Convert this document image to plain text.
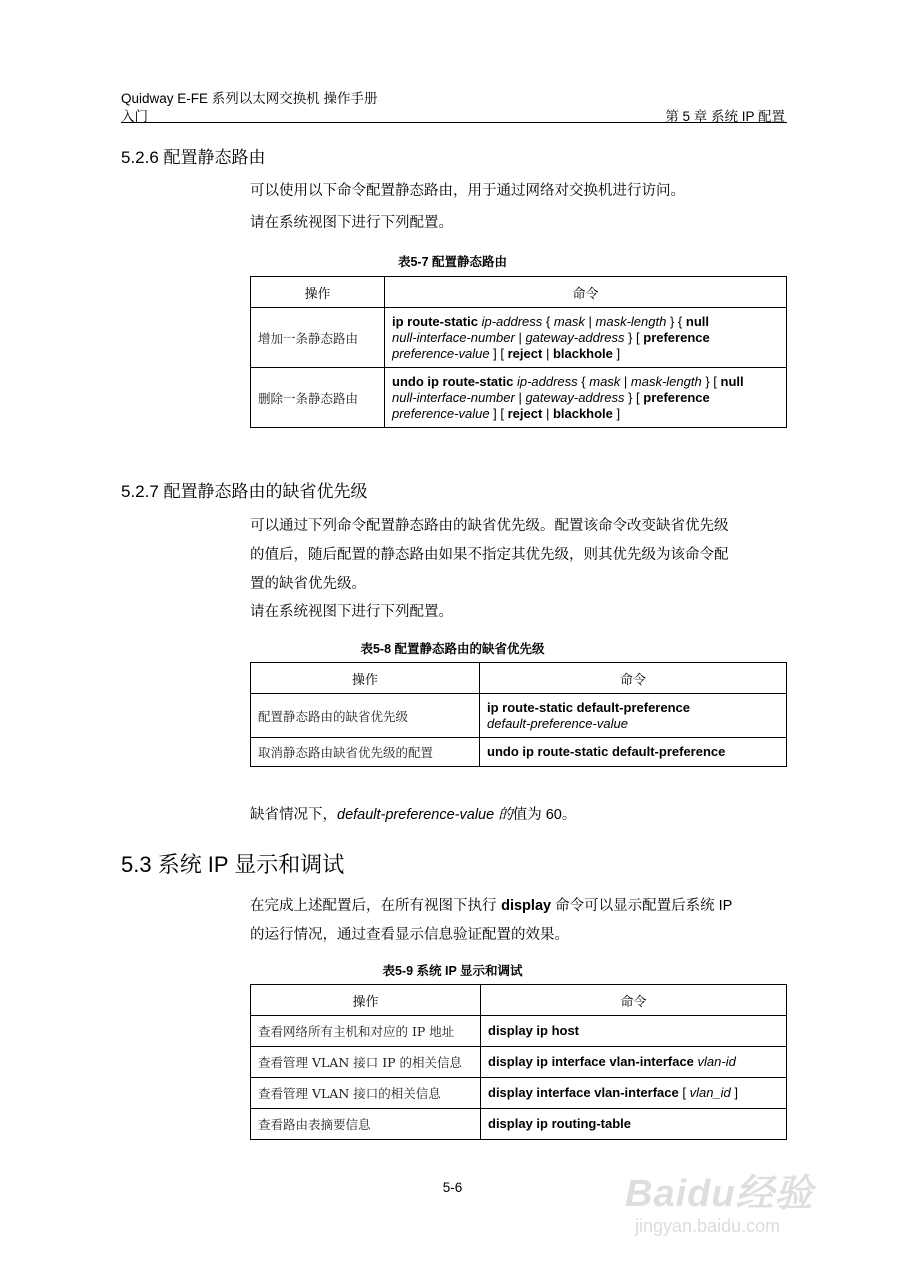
Quidway E-FE 系列以太网交换机 操作手册
入门	第 5 章 系统 IP 配置
5.2.6 配置静态路由
可以使用以下命令配置静态路由，用于通过网络对交换机进行访问。
请在系统视图下进行下列配置。
表5-7 配置静态路由
操作	命令
增加一条静态路由	ip route-static ip-address { mask | mask-length } { null
null-interface-number | gateway-address } [ preference
preference-value ] [ reject | blackhole ]
删除一条静态路由	undo ip route-static ip-address { mask | mask-length } [ null
null-interface-number | gateway-address } [ preference
preference-value ] [ reject | blackhole ]
5.2.7 配置静态路由的缺省优先级
可以通过下列命令配置静态路由的缺省优先级。配置该命令改变缺省优先级
的值后，随后配置的静态路由如果不指定其优先级，则其优先级为该命令配
置的缺省优先级。
请在系统视图下进行下列配置。
表5-8 配置静态路由的缺省优先级
操作	命令
配置静态路由的缺省优先级	ip route-static default-preference
default-preference-value
取消静态路由缺省优先级的配置	undo ip route-static default-preference
缺省情况下，default-preference-value 的值为 60。
5.3 系统 IP 显示和调试
在完成上述配置后，在所有视图下执行 display 命令可以显示配置后系统 IP
的运行情况，通过查看显示信息验证配置的效果。
表5-9 系统 IP 显示和调试
操作	命令
查看网络所有主机和对应的 IP 地址	display ip host
查看管理 VLAN 接口 IP 的相关信息	display ip interface vlan-interface vlan-id
查看管理 VLAN 接口的相关信息	display interface vlan-interface [ vlan_id ]
查看路由表摘要信息	display ip routing-table
5-6	Baidu经验
jingyan.baidu.com
